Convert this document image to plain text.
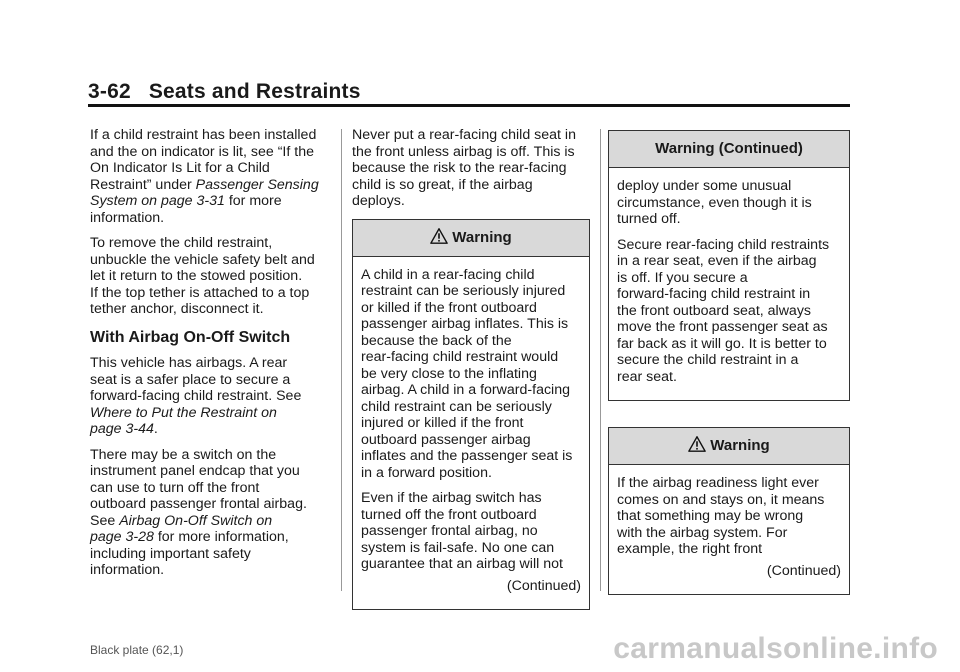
3-62 Seats and Restraints

If a child restraint has been installed
and the on indicator is lit, see “If the
On Indicator Is Lit for a Child
Restraint” under Passenger Sensing
System on page 3-31 for more
information.

To remove the child restraint,
unbuckle the vehicle safety belt and
let it return to the stowed position.
If the top tether is attached to a top
tether anchor, disconnect it.

With Airbag On-Off Switch

This vehicle has airbags. A rear
seat is a safer place to secure a
forward-facing child restraint. See
Where to Put the Restraint on
page 3-44.

There may be a switch on the
instrument panel endcap that you
can use to turn off the front
outboard passenger frontal airbag.
See Airbag On-Off Switch on
page 3-28 for more information,
including important safety
information.

Never put a rear-facing child seat in
the front unless airbag is off. This is
because the risk to the rear-facing
child is so great, if the airbag
deploys.

Warning

A child in a rear-facing child
restraint can be seriously injured
or killed if the front outboard
passenger airbag inflates. This is
because the back of the
rear-facing child restraint would
be very close to the inflating
airbag. A child in a forward-facing
child restraint can be seriously
injured or killed if the front
outboard passenger airbag
inflates and the passenger seat is
in a forward position.

Even if the airbag switch has
turned off the front outboard
passenger frontal airbag, no
system is fail-safe. No one can
guarantee that an airbag will not

(Continued)

Warning (Continued)

deploy under some unusual
circumstance, even though it is
turned off.

Secure rear-facing child restraints
in a rear seat, even if the airbag
is off. If you secure a
forward-facing child restraint in
the front outboard seat, always
move the front passenger seat as
far back as it will go. It is better to
secure the child restraint in a
rear seat.

Warning

If the airbag readiness light ever
comes on and stays on, it means
that something may be wrong
with the airbag system. For
example, the right front

(Continued)

Black plate (62,1)	carmanualsonline.info
